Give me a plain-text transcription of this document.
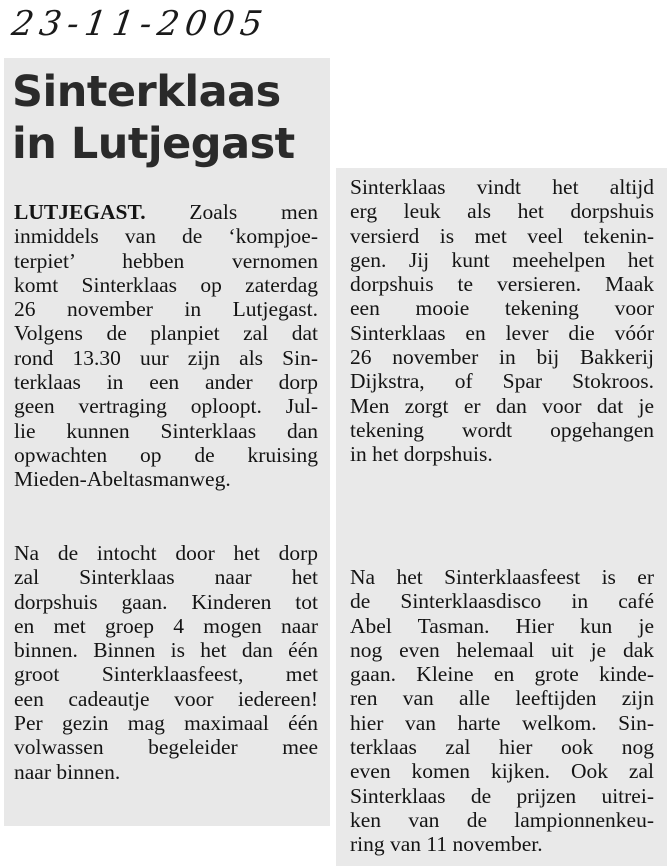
23-11-2005
Sinterklaas
in Lutjegast
LUTJEGAST. Zoals men
inmiddels van de ‘kompjoe-
terpiet’ hebben vernomen
komt Sinterklaas op zaterdag
26 november in Lutjegast.
Volgens de planpiet zal dat
rond 13.30 uur zijn als Sin-
terklaas in een ander dorp
geen vertraging oploopt. Jul-
lie kunnen Sinterklaas dan
opwachten op de kruising
Mieden-Abeltasmanweg.
Na de intocht door het dorp
zal Sinterklaas naar het
dorpshuis gaan. Kinderen tot
en met groep 4 mogen naar
binnen. Binnen is het dan één
groot Sinterklaasfeest, met
een cadeautje voor iedereen!
Per gezin mag maximaal één
volwassen begeleider mee
naar binnen.
Sinterklaas vindt het altijd
erg leuk als het dorpshuis
versierd is met veel tekenin-
gen. Jij kunt meehelpen het
dorpshuis te versieren. Maak
een mooie tekening voor
Sinterklaas en lever die vóór
26 november in bij Bakkerij
Dijkstra, of Spar Stokroos.
Men zorgt er dan voor dat je
tekening wordt opgehangen
in het dorpshuis.
Na het Sinterklaasfeest is er
de Sinterklaasdisco in café
Abel Tasman. Hier kun je
nog even helemaal uit je dak
gaan. Kleine en grote kinde-
ren van alle leeftijden zijn
hier van harte welkom. Sin-
terklaas zal hier ook nog
even komen kijken. Ook zal
Sinterklaas de prijzen uitrei-
ken van de lampionnenkeu-
ring van 11 november.
